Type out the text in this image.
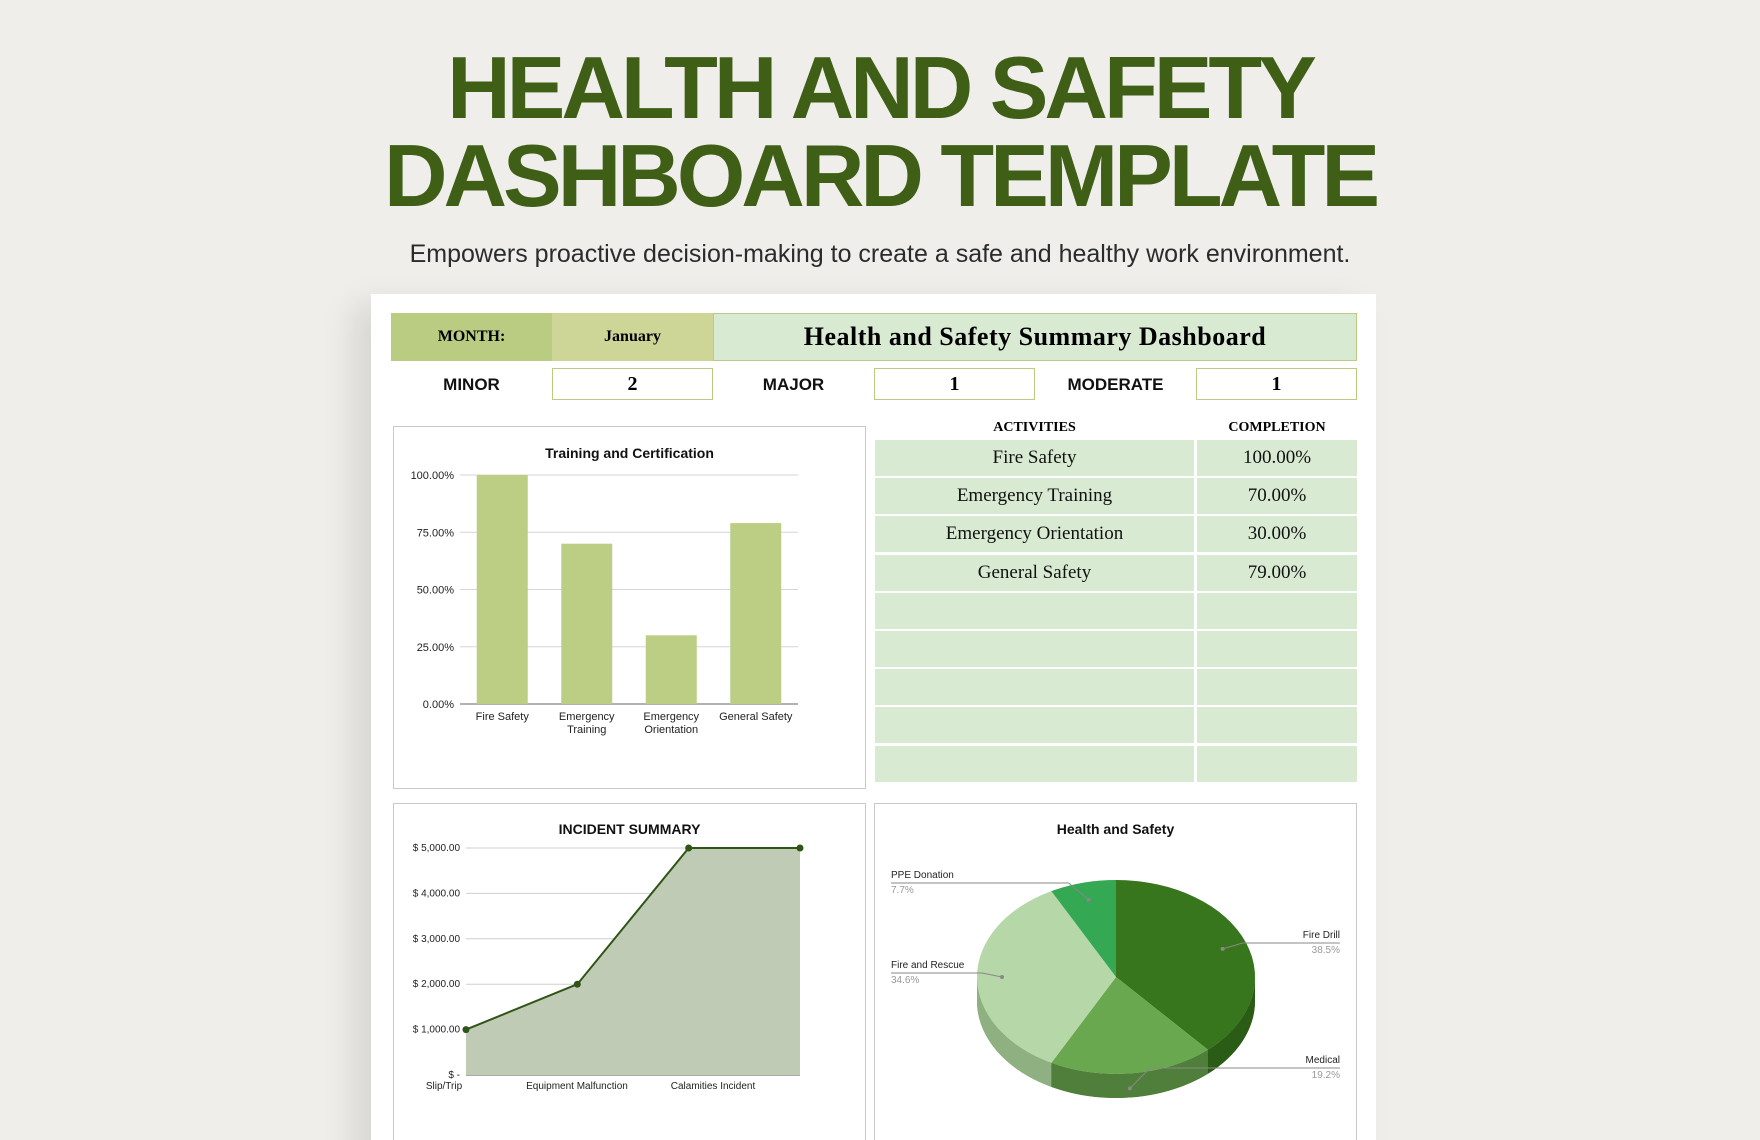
HEALTH AND SAFETY
DASHBOARD TEMPLATE
Empowers proactive decision-making to create a safe and healthy work environment.
MONTH:	January	Health and Safety Summary Dashboard
MINOR	2	MAJOR	1	MODERATE	1
Training and Certification
0.00%
25.00%
50.00%
75.00%
100.00%
Fire Safety	Emergency
Training
Emergency
Orientation
General Safety
ACTIVITIES	COMPLETION
Fire Safety	100.00%
Emergency Training	70.00%
Emergency Orientation	30.00%
General Safety	79.00%
INCIDENT SUMMARY
$ -
$ 1,000.00
$ 2,000.00
$ 3,000.00
$ 4,000.00
$ 5,000.00
Slip/Trip	Equipment Malfunction	Calamities Incident
Health and Safety
Fire Drill
38.5%
Medical
19.2%
Fire and Rescue
34.6%
PPE Donation
7.7%
